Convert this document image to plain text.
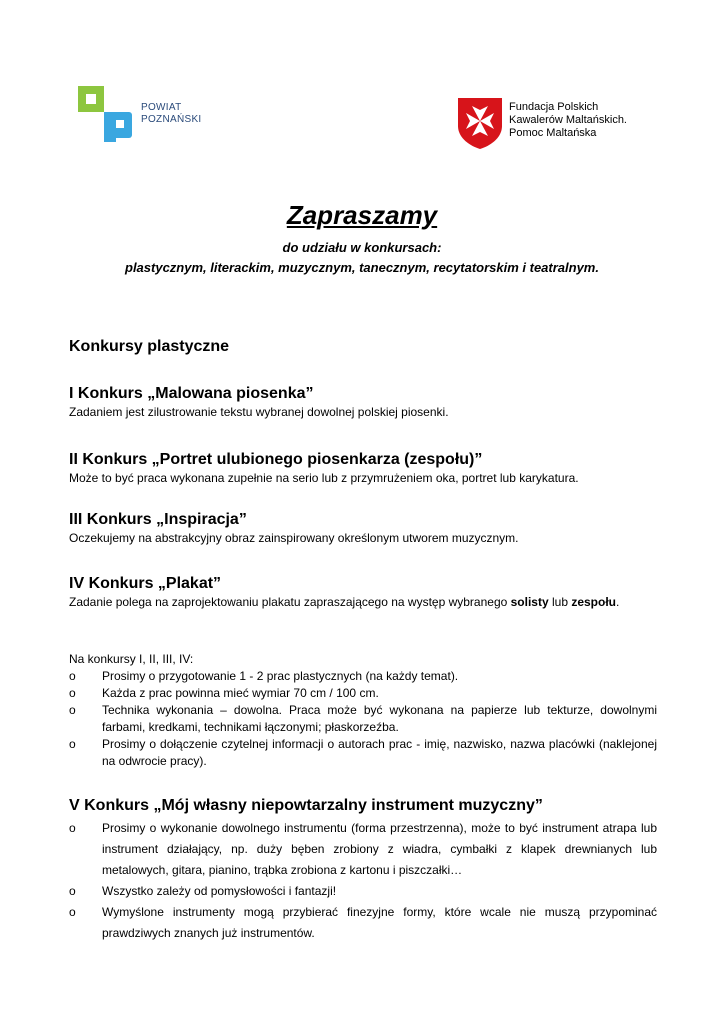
POWIAT
POZNAŃSKI
Fundacja Polskich
Kawalerów Maltańskich.
Pomoc Maltańska
Zapraszamy
do udziału w konkursach:
plastycznym, literackim, muzycznym, tanecznym, recytatorskim i teatralnym.
Konkursy plastyczne
I Konkurs „Malowana piosenka”

Zadaniem jest zilustrowanie tekstu wybranej dowolnej polskiej piosenki.

II Konkurs „Portret ulubionego piosenkarza (zespołu)”

Może to być praca wykonana zupełnie na serio lub z przymrużeniem oka, portret lub karykatura.

III Konkurs „Inspiracja”

Oczekujemy na abstrakcyjny obraz zainspirowany określonym utworem muzycznym.

IV Konkurs „Plakat”

Zadanie polega na zaprojektowaniu plakatu zapraszającego na występ wybranego solisty lub zespołu.

Na konkursy I, II, III, IV:

o Prosimy o przygotowanie 1 - 2 prac plastycznych (na każdy temat).
o Każda z prac powinna mieć wymiar 70 cm / 100 cm.
o Technika wykonania – dowolna. Praca może być wykonana na papierze lub tekturze, dowolnymi farbami, kredkami, technikami łączonymi; płaskorzeźba.
o Prosimy o dołączenie czytelnej informacji o autorach prac - imię, nazwisko, nazwa placówki (naklejonej na odwrocie pracy).
V Konkurs „Mój własny niepowtarzalny instrument muzyczny”
o Prosimy o wykonanie dowolnego instrumentu (forma przestrzenna), może to być instrument atrapa lub instrument działający, np. duży bęben zrobiony z wiadra, cymbałki z klapek drewnianych lub metalowych, gitara, pianino, trąbka zrobiona z kartonu i piszczałki…
o Wszystko zależy od pomysłowości i fantazji!
o Wymyślone instrumenty mogą przybierać finezyjne formy, które wcale nie muszą przypominać prawdziwych znanych już instrumentów.
